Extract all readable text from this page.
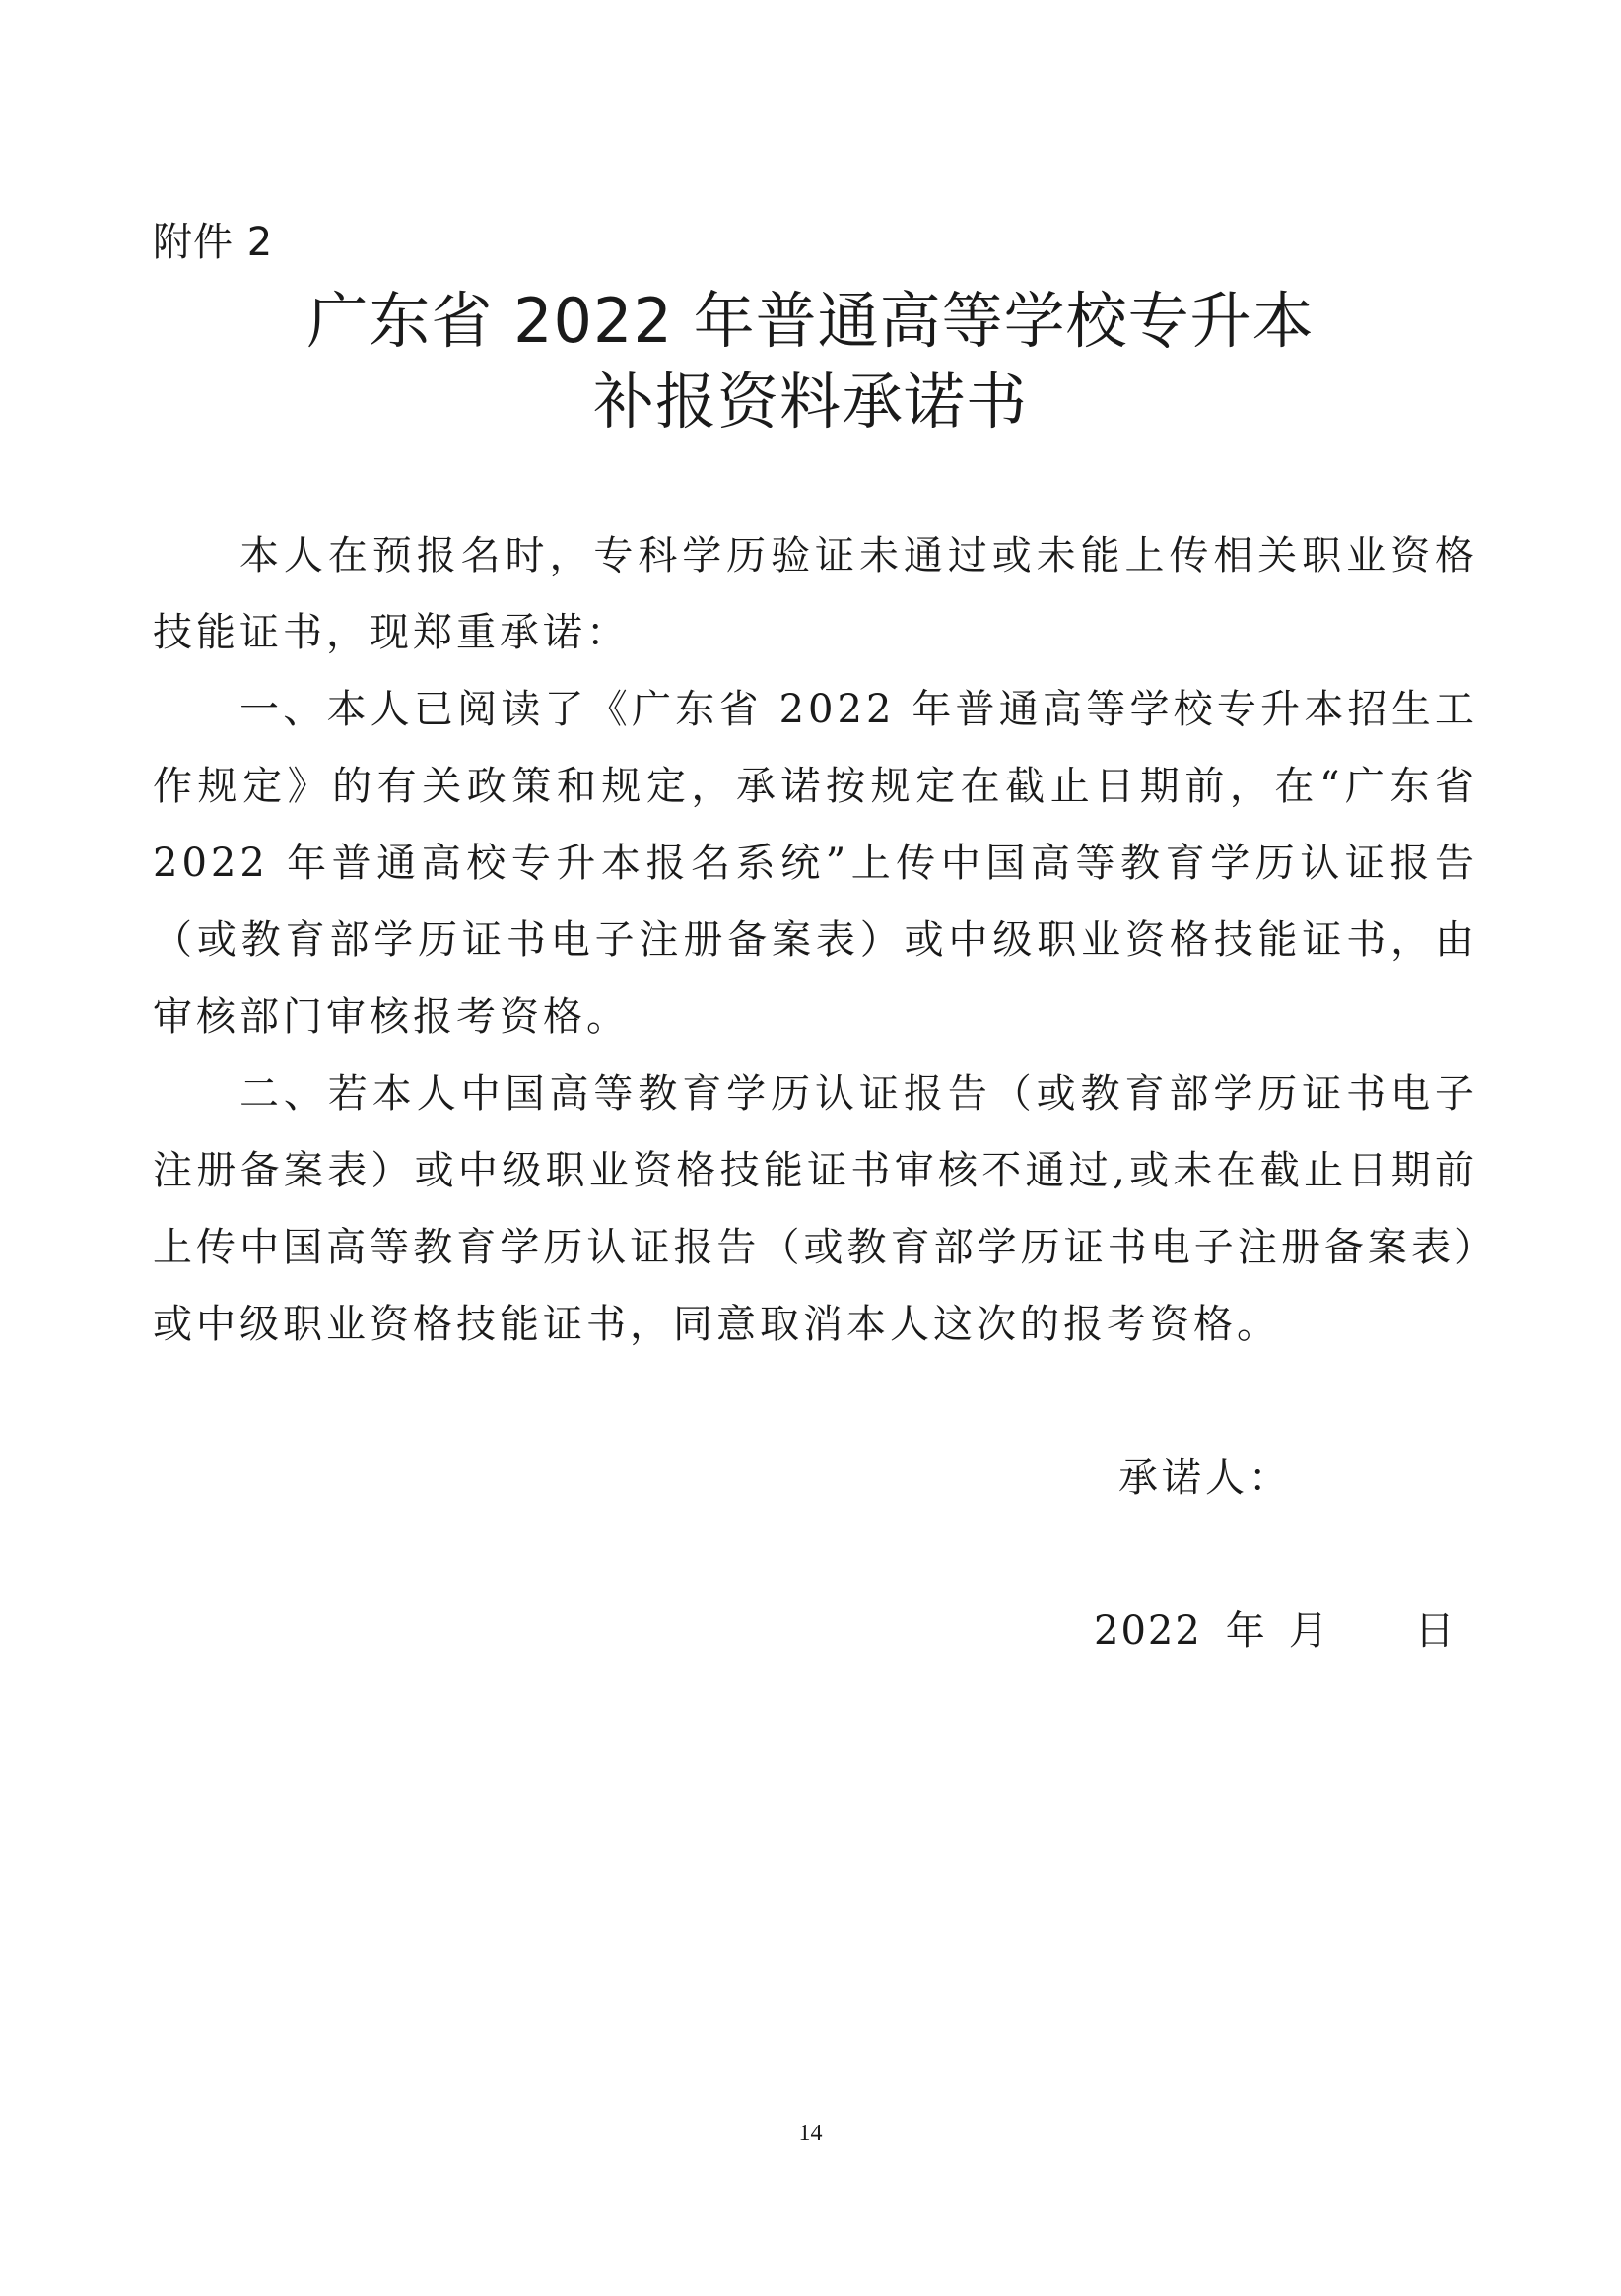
附件 2
广东省 2022 年普通高等学校专升本
补报资料承诺书

本人在预报名时，专科学历验证未通过或未能上传相关职业资格技能证书，现郑重承诺：

一、本人已阅读了《广东省 2022 年普通高等学校专升本招生工作规定》的有关政策和规定，承诺按规定在截止日期前，在“广东省 2022 年普通高校专升本报名系统”上传中国高等教育学历认证报告（或教育部学历证书电子注册备案表）或中级职业资格技能证书，由审核部门审核报考资格。

二、若本人中国高等教育学历认证报告（或教育部学历证书电子注册备案表）或中级职业资格技能证书审核不通过,或未在截止日期前上传中国高等教育学历认证报告（或教育部学历证书电子注册备案表）或中级职业资格技能证书，同意取消本人这次的报考资格。

承诺人：
2022 年 月 日
14
